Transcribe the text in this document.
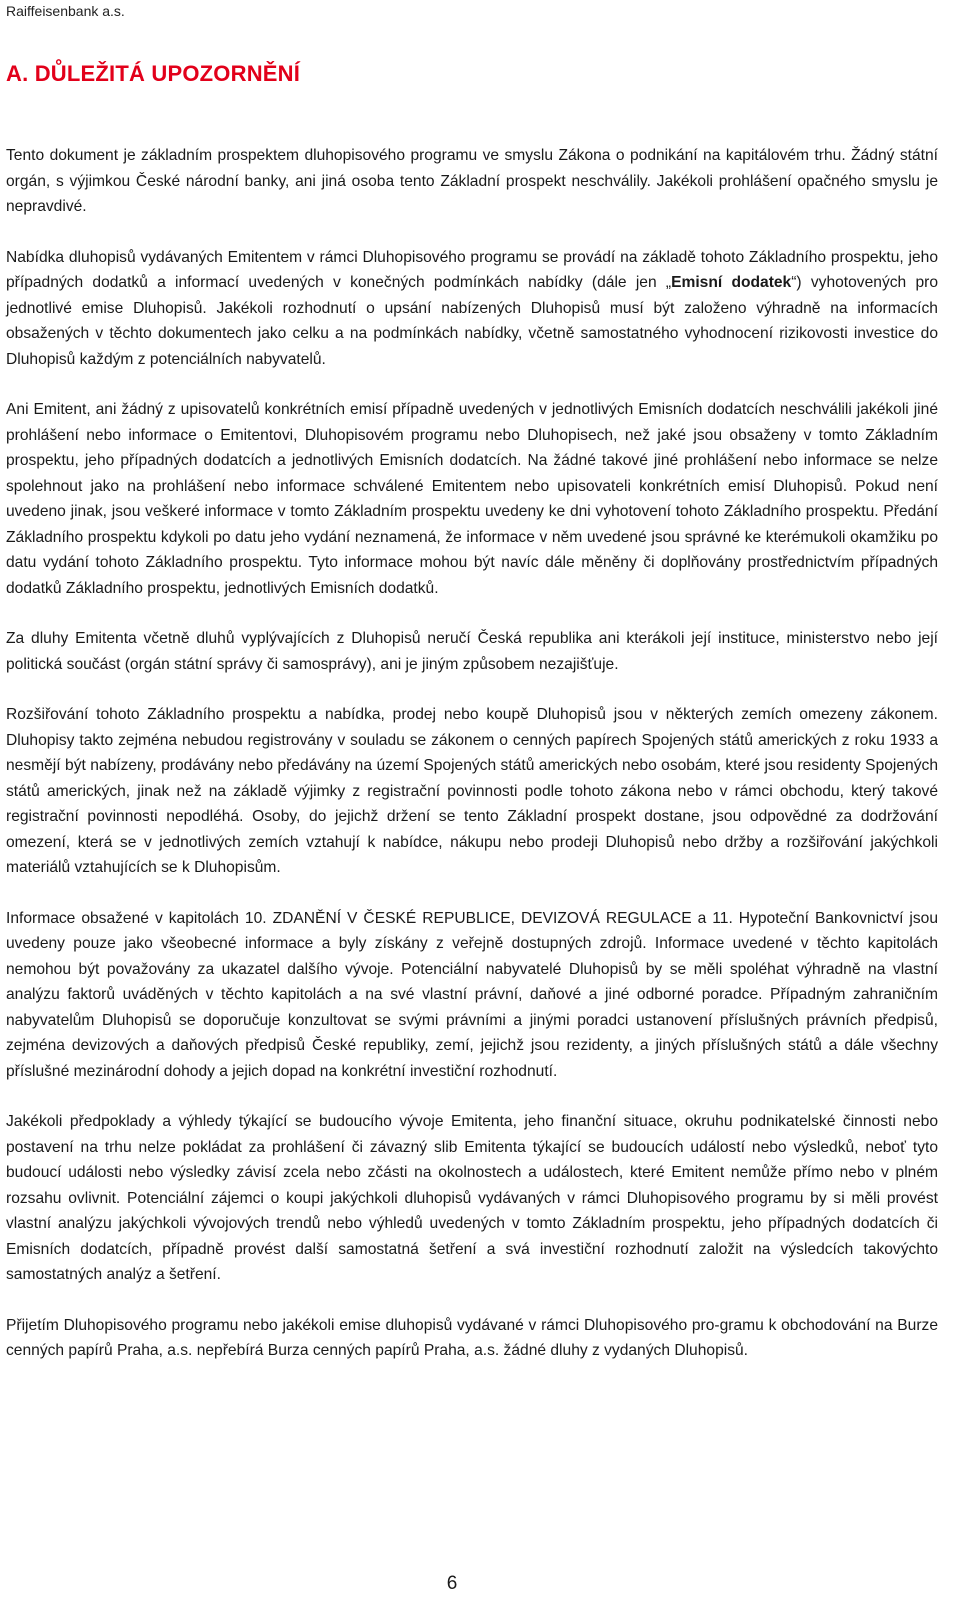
Raiffeisenbank a.s.
A. DŮLEŽITÁ UPOZORNĚNÍ

Tento dokument je základním prospektem dluhopisového programu ve smyslu Zákona o podnikání na kapitálovém trhu. Žádný státní orgán, s výjimkou České národní banky, ani jiná osoba tento Základní prospekt neschválily. Jakékoli prohlášení opačného smyslu je nepravdivé.

Nabídka dluhopisů vydávaných Emitentem v rámci Dluhopisového programu se provádí na základě tohoto Základního prospektu, jeho případných dodatků a informací uvedených v konečných podmínkách nabídky (dále jen „Emisní dodatek“) vyhotovených pro jednotlivé emise Dluhopisů. Jakékoli rozhodnutí o upsání nabízených Dluhopisů musí být založeno výhradně na informacích obsažených v těchto dokumentech jako celku a na podmínkách nabídky, včetně samostatného vyhodnocení rizikovosti investice do Dluhopisů každým z potenciálních nabyvatelů.

Ani Emitent, ani žádný z upisovatelů konkrétních emisí případně uvedených v jednotlivých Emisních dodatcích neschválili jakékoli jiné prohlášení nebo informace o Emitentovi, Dluhopisovém programu nebo Dluhopisech, než jaké jsou obsaženy v tomto Základním prospektu, jeho případných dodatcích a jednotlivých Emisních dodatcích. Na žádné takové jiné prohlášení nebo informace se nelze spolehnout jako na prohlášení nebo informace schválené Emitentem nebo upisovateli konkrétních emisí Dluhopisů. Pokud není uvedeno jinak, jsou veškeré informace v tomto Základním prospektu uvedeny ke dni vyhotovení tohoto Základního prospektu. Předání Základního prospektu kdykoli po datu jeho vydání neznamená, že informace v něm uvedené jsou správné ke kterémukoli okamžiku po datu vydání tohoto Základního prospektu. Tyto informace mohou být navíc dále měněny či doplňovány prostřednictvím případných dodatků Základního prospektu, jednotlivých Emisních dodatků.

Za dluhy Emitenta včetně dluhů vyplývajících z Dluhopisů neručí Česká republika ani kterákoli její instituce, ministerstvo nebo její politická součást (orgán státní správy či samosprávy), ani je jiným způsobem nezajišťuje.

Rozšiřování tohoto Základního prospektu a nabídka, prodej nebo koupě Dluhopisů jsou v některých zemích omezeny zákonem. Dluhopisy takto zejména nebudou registrovány v souladu se zákonem o cenných papírech Spojených států amerických z roku 1933 a nesmějí být nabízeny, prodávány nebo předávány na území Spojených států amerických nebo osobám, které jsou residenty Spojených států amerických, jinak než na základě výjimky z registrační povinnosti podle tohoto zákona nebo v rámci obchodu, který takové registrační povinnosti nepodléhá. Osoby, do jejichž držení se tento Základní prospekt dostane, jsou odpovědné za dodržování omezení, která se v jednotlivých zemích vztahují k nabídce, nákupu nebo prodeji Dluhopisů nebo držby a rozšiřování jakýchkoli materiálů vztahujících se k Dluhopisům.

Informace obsažené v kapitolách 10. ZDANĚNÍ V ČESKÉ REPUBLICE, DEVIZOVÁ REGULACE a 11. Hypoteční Bankovnictví jsou uvedeny pouze jako všeobecné informace a byly získány z veřejně dostupných zdrojů. Informace uvedené v těchto kapitolách nemohou být považovány za ukazatel dalšího vývoje. Potenciální nabyvatelé Dluhopisů by se měli spoléhat výhradně na vlastní analýzu faktorů uváděných v těchto kapitolách a na své vlastní právní, daňové a jiné odborné poradce. Případným zahraničním nabyvatelům Dluhopisů se doporučuje konzultovat se svými právními a jinými poradci ustanovení příslušných právních předpisů, zejména devizových a daňových předpisů České republiky, zemí, jejichž jsou rezidenty, a jiných příslušných států a dále všechny příslušné mezinárodní dohody a jejich dopad na konkrétní investiční rozhodnutí.

Jakékoli předpoklady a výhledy týkající se budoucího vývoje Emitenta, jeho finanční situace, okruhu podnikatelské činnosti nebo postavení na trhu nelze pokládat za prohlášení či závazný slib Emitenta týkající se budoucích událostí nebo výsledků, neboť tyto budoucí události nebo výsledky závisí zcela nebo zčásti na okolnostech a událostech, které Emitent nemůže přímo nebo v plném rozsahu ovlivnit. Potenciální zájemci o koupi jakýchkoli dluhopisů vydávaných v rámci Dluhopisového programu by si měli provést vlastní analýzu jakýchkoli vývojových trendů nebo výhledů uvedených v tomto Základním prospektu, jeho případných dodatcích či Emisních dodatcích, případně provést další samostatná šetření a svá investiční rozhodnutí založit na výsledcích takovýchto samostatných analýz a šetření.

Přijetím Dluhopisového programu nebo jakékoli emise dluhopisů vydávané v rámci Dluhopisového pro-gramu k obchodování na Burze cenných papírů Praha, a.s. nepřebírá Burza cenných papírů Praha, a.s. žádné dluhy z vydaných Dluhopisů.

6
